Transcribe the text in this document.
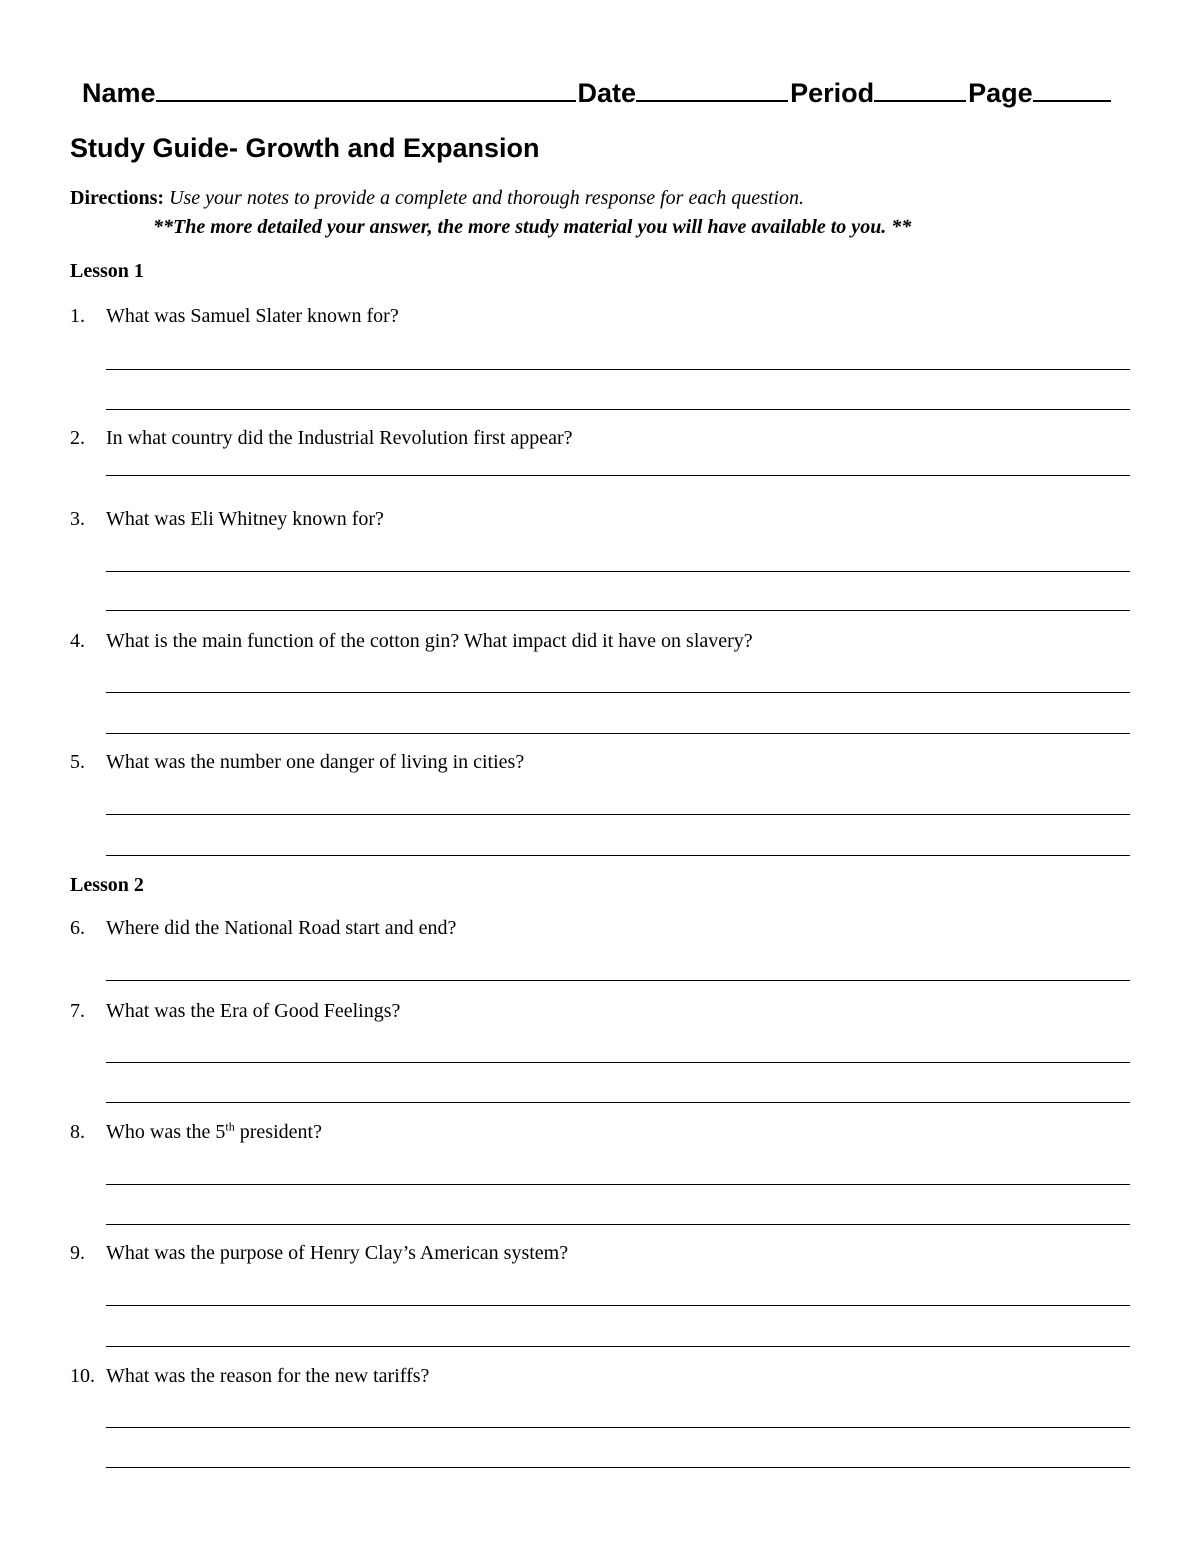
Name	Date	Period	Page
Study Guide- Growth and Expansion
Directions: Use your notes to provide a complete and thorough response for each question.
**The more detailed your answer, the more study material you will have available to you. **
Lesson 1
1. What was Samuel Slater known for?
2. In what country did the Industrial Revolution first appear?
3. What was Eli Whitney known for?
4. What is the main function of the cotton gin? What impact did it have on slavery?
5. What was the number one danger of living in cities?
Lesson 2
6. Where did the National Road start and end?
7. What was the Era of Good Feelings?
8. Who was the 5th president?
9. What was the purpose of Henry Clay’s American system?
10. What was the reason for the new tariffs?
